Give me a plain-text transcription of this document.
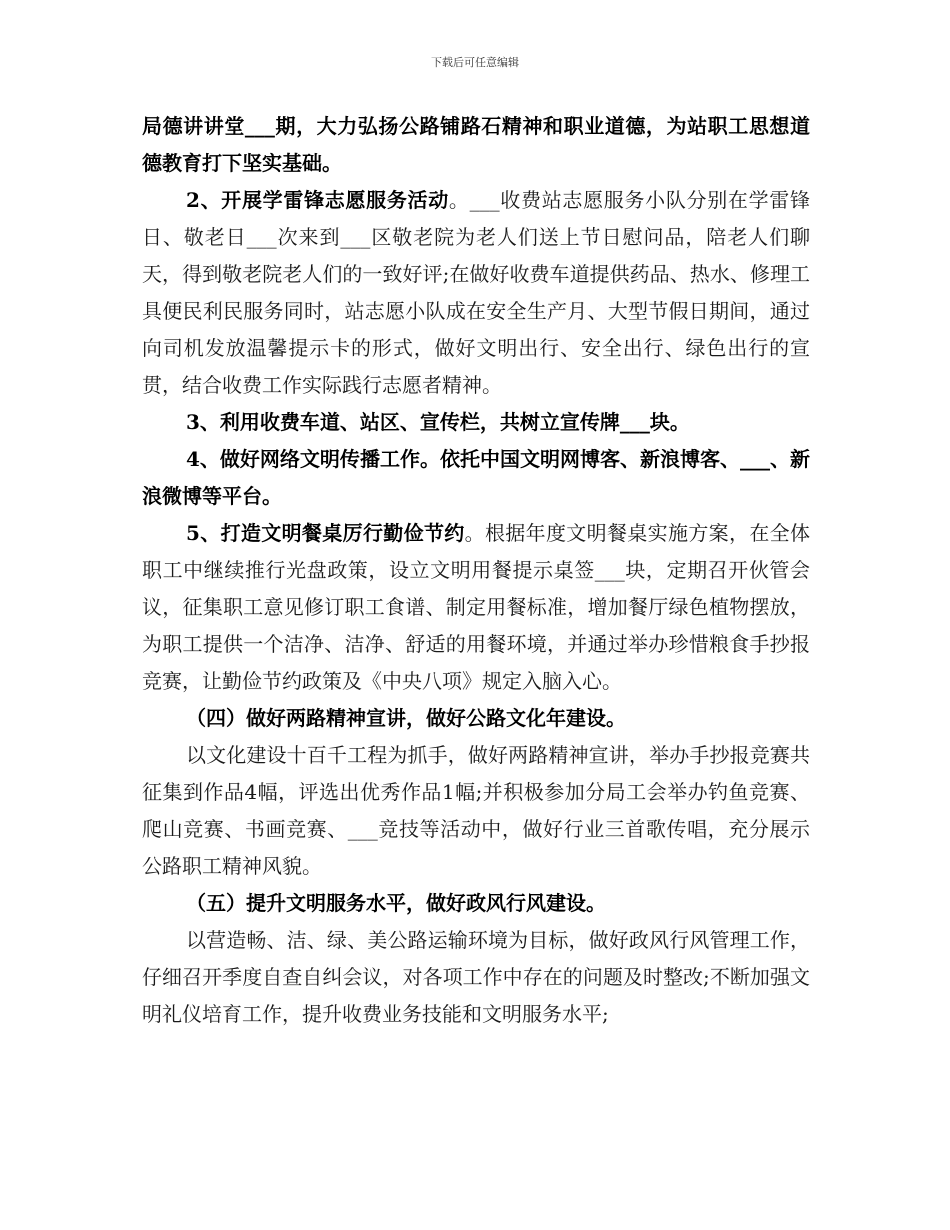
下载后可任意编辑

局德讲讲堂___期，大力弘扬公路铺路石精神和职业道德，为站职工思想道德教育打下坚实基础。

2、开展学雷锋志愿服务活动。___收费站志愿服务小队分别在学雷锋日、敬老日___次来到___区敬老院为老人们送上节日慰问品，陪老人们聊天，得到敬老院老人们的一致好评;在做好收费车道提供药品、热水、修理工具便民利民服务同时，站志愿小队成在安全生产月、大型节假日期间，通过向司机发放温馨提示卡的形式，做好文明出行、安全出行、绿色出行的宣贯，结合收费工作实际践行志愿者精神。

3、利用收费车道、站区、宣传栏，共树立宣传牌___块。

4、做好网络文明传播工作。依托中国文明网博客、新浪博客、___、新浪微博等平台。

5、打造文明餐桌厉行勤俭节约。根据年度文明餐桌实施方案，在全体职工中继续推行光盘政策，设立文明用餐提示桌签___块，定期召开伙管会议，征集职工意见修订职工食谱、制定用餐标准，增加餐厅绿色植物摆放，为职工提供一个洁净、洁净、舒适的用餐环境，并通过举办珍惜粮食手抄报竞赛，让勤俭节约政策及《中央八项》规定入脑入心。

（四）做好两路精神宣讲，做好公路文化年建设。

以文化建设十百千工程为抓手，做好两路精神宣讲，举办手抄报竞赛共征集到作品4幅，评选出优秀作品1幅;并积极参加分局工会举办钓鱼竞赛、爬山竞赛、书画竞赛、___竞技等活动中，做好行业三首歌传唱，充分展示公路职工精神风貌。

（五）提升文明服务水平，做好政风行风建设。

以营造畅、洁、绿、美公路运输环境为目标，做好政风行风管理工作，仔细召开季度自查自纠会议，对各项工作中存在的问题及时整改;不断加强文明礼仪培育工作，提升收费业务技能和文明服务水平;
